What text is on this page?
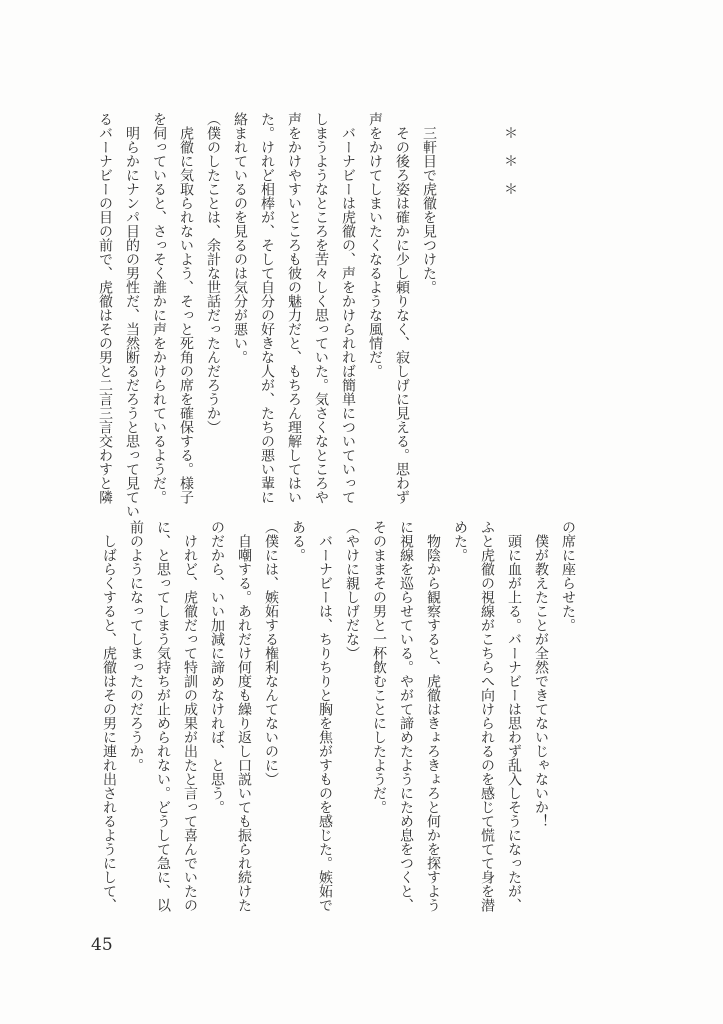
＊　＊　＊
三軒目で虎徹を見つけた。
その後ろ姿は確かに少し頼りなく、寂しげに見える。思わず
声をかけてしまいたくなるような風情だ。
バーナビーは虎徹の、声をかけられれば簡単についていって
しまうようなところを苦々しく思っていた。気さくなところや
声をかけやすいところも彼の魅力だと、もちろん理解してはい
た。けれど相棒が、そして自分の好きな人が、たちの悪い輩に
絡まれているのを見るのは気分が悪い。
（僕のしたことは、余計な世話だったんだろうか）
虎徹に気取られないよう、そっと死角の席を確保する。様子
を伺っていると、さっそく誰かに声をかけられているようだ。
明らかにナンパ目的の男性だ、当然断るだろうと思って見てい
るバーナビーの目の前で、虎徹はその男と二言三言交わすと隣
の席に座らせた。
僕が教えたことが全然できてないじゃないか！
頭に血が上る。バーナビーは思わず乱入しそうになったが、
ふと虎徹の視線がこちらへ向けられるのを感じて慌てて身を潜
めた。
物陰から観察すると、虎徹はきょろきょろと何かを探すよう
に視線を巡らせている。やがて諦めたようにため息をつくと、
そのままその男と一杯飲むことにしたようだ。
（やけに親しげだな）
バーナビーは、ちりちりと胸を焦がすものを感じた。嫉妬で
ある。
（僕には、嫉妬する権利なんてないのに）
自嘲する。あれだけ何度も繰り返し口説いても振られ続けた
のだから、いい加減に諦めなければ、と思う。
けれど、虎徹だって特訓の成果が出たと言って喜んでいたの
に、と思ってしまう気持ちが止められない。どうして急に、以
前のようになってしまったのだろうか。
しばらくすると、虎徹はその男に連れ出されるようにして、
45
